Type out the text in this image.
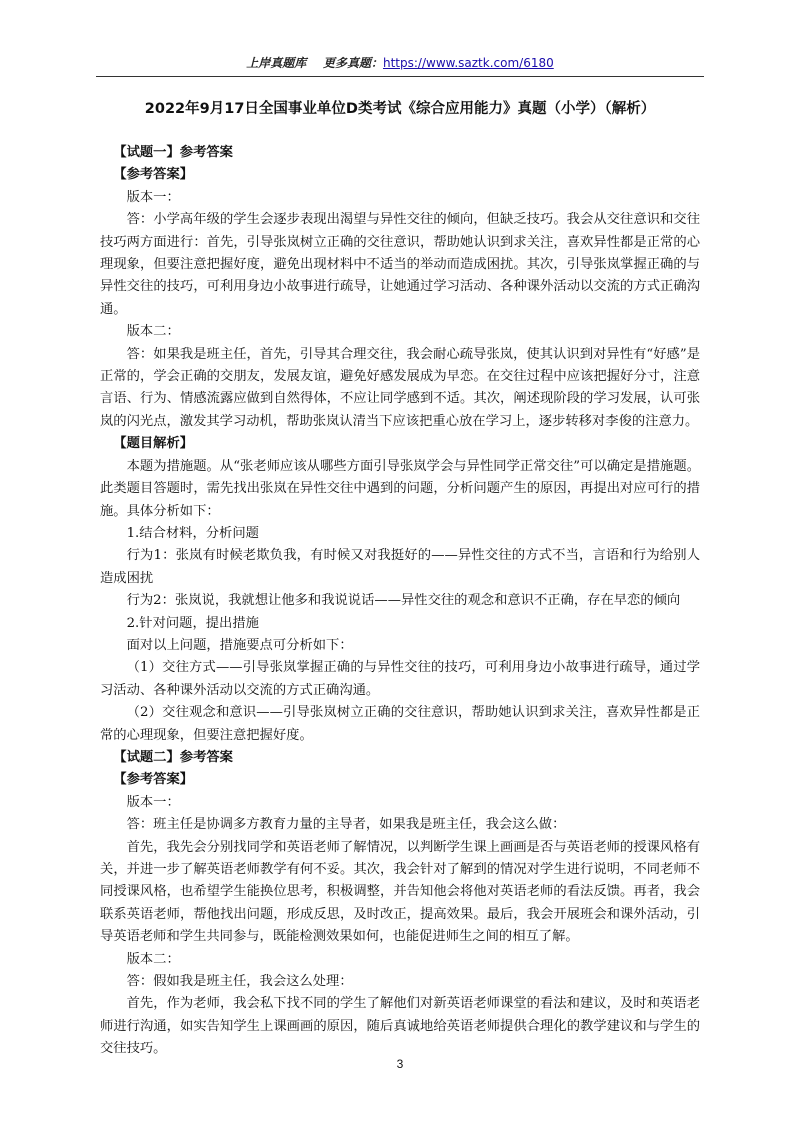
上岸真题库 更多真题：https://www.saztk.com/6180
2022年9月17日全国事业单位D类考试《综合应用能力》真题（小学）（解析）

【试题一】参考答案

【参考答案】

版本一：

答：小学高年级的学生会逐步表现出渴望与异性交往的倾向，但缺乏技巧。我会从交往意识和交往技巧两方面进行：首先，引导张岚树立正确的交往意识，帮助她认识到求关注，喜欢异性都是正常的心理现象，但要注意把握好度，避免出现材料中不适当的举动而造成困扰。其次，引导张岚掌握正确的与异性交往的技巧，可利用身边小故事进行疏导，让她通过学习活动、各种课外活动以交流的方式正确沟通。

版本二：

答：如果我是班主任，首先，引导其合理交往，我会耐心疏导张岚，使其认识到对异性有“好感”是正常的，学会正确的交朋友，发展友谊，避免好感发展成为早恋。在交往过程中应该把握好分寸，注意言语、行为、情感流露应做到自然得体，不应让同学感到不适。其次，阐述现阶段的学习发展，认可张岚的闪光点，激发其学习动机，帮助张岚认清当下应该把重心放在学习上，逐步转移对李俊的注意力。

【题目解析】

本题为措施题。从“张老师应该从哪些方面引导张岚学会与异性同学正常交往”可以确定是措施题。此类题目答题时，需先找出张岚在异性交往中遇到的问题，分析问题产生的原因，再提出对应可行的措施。具体分析如下：

1.结合材料，分析问题

行为1：张岚有时候老欺负我，有时候又对我挺好的——异性交往的方式不当，言语和行为给别人造成困扰

行为2：张岚说，我就想让他多和我说说话——异性交往的观念和意识不正确，存在早恋的倾向

2.针对问题，提出措施

面对以上问题，措施要点可分析如下：

（1）交往方式——引导张岚掌握正确的与异性交往的技巧，可利用身边小故事进行疏导，通过学习活动、各种课外活动以交流的方式正确沟通。

（2）交往观念和意识——引导张岚树立正确的交往意识，帮助她认识到求关注，喜欢异性都是正常的心理现象，但要注意把握好度。

【试题二】参考答案

【参考答案】

版本一：

答：班主任是协调多方教育力量的主导者，如果我是班主任，我会这么做：

首先，我先会分别找同学和英语老师了解情况，以判断学生课上画画是否与英语老师的授课风格有关，并进一步了解英语老师教学有何不妥。其次，我会针对了解到的情况对学生进行说明，不同老师不同授课风格，也希望学生能换位思考，积极调整，并告知他会将他对英语老师的看法反馈。再者，我会联系英语老师，帮他找出问题，形成反思，及时改正，提高效果。最后，我会开展班会和课外活动，引导英语老师和学生共同参与，既能检测效果如何，也能促进师生之间的相互了解。

版本二：

答：假如我是班主任，我会这么处理：

首先，作为老师，我会私下找不同的学生了解他们对新英语老师课堂的看法和建议，及时和英语老师进行沟通，如实告知学生上课画画的原因，随后真诚地给英语老师提供合理化的教学建议和与学生的交往技巧。

3
